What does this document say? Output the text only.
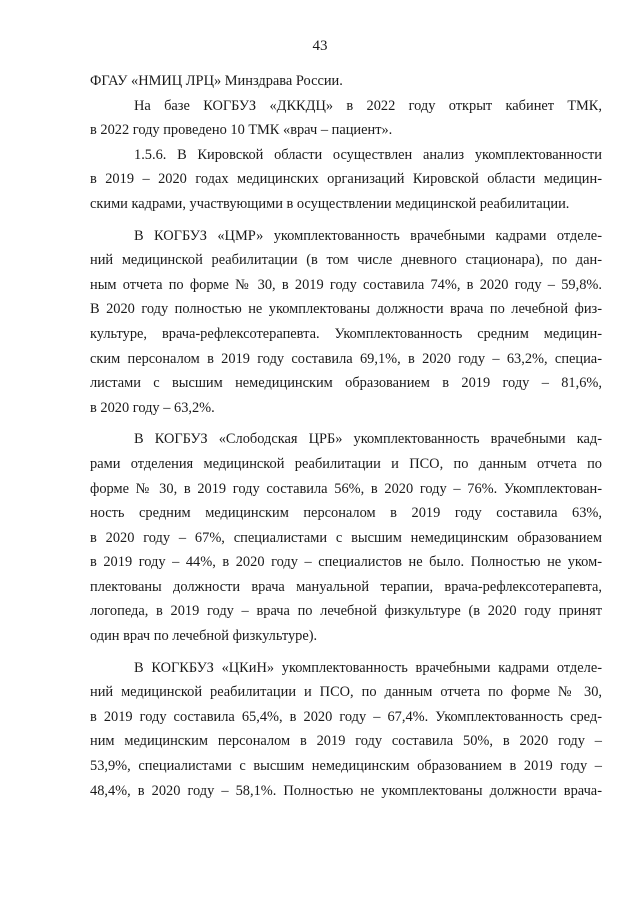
43
ФГАУ «НМИЦ ЛРЦ» Минздрава России.
На базе КОГБУЗ «ДККДЦ» в 2022 году открыт кабинет ТМК,
в 2022 году проведено 10 ТМК «врач – пациент».
1.5.6. В Кировской области осуществлен анализ укомплектованности
в 2019 – 2020 годах медицинских организаций Кировской области медицин-
скими кадрами, участвующими в осуществлении медицинской реабилитации.
В КОГБУЗ «ЦМР» укомплектованность врачебными кадрами отделе-
ний медицинской реабилитации (в том числе дневного стационара), по дан-
ным отчета по форме № 30, в 2019 году составила 74%, в 2020 году – 59,8%.
В 2020 году полностью не укомплектованы должности врача по лечебной физ-
культуре, врача-рефлексотерапевта. Укомплектованность средним медицин-
ским персоналом в 2019 году составила 69,1%, в 2020 году – 63,2%, специа-
листами с высшим немедицинским образованием в 2019 году – 81,6%,
в 2020 году – 63,2%.
В КОГБУЗ «Слободская ЦРБ» укомплектованность врачебными кад-
рами отделения медицинской реабилитации и ПСО, по данным отчета по
форме № 30, в 2019 году составила 56%, в 2020 году – 76%. Укомплектован-
ность средним медицинским персоналом в 2019 году составила 63%,
в 2020 году – 67%, специалистами с высшим немедицинским образованием
в 2019 году – 44%, в 2020 году – специалистов не было. Полностью не уком-
плектованы должности врача мануальной терапии, врача-рефлексотерапевта,
логопеда, в 2019 году – врача по лечебной физкультуре (в 2020 году принят
один врач по лечебной физкультуре).
В КОГКБУЗ «ЦКиН» укомплектованность врачебными кадрами отделе-
ний медицинской реабилитации и ПСО, по данным отчета по форме № 30,
в 2019 году составила 65,4%, в 2020 году – 67,4%. Укомплектованность сред-
ним медицинским персоналом в 2019 году составила 50%, в 2020 году –
53,9%, специалистами с высшим немедицинским образованием в 2019 году –
48,4%, в 2020 году – 58,1%. Полностью не укомплектованы должности врача-
